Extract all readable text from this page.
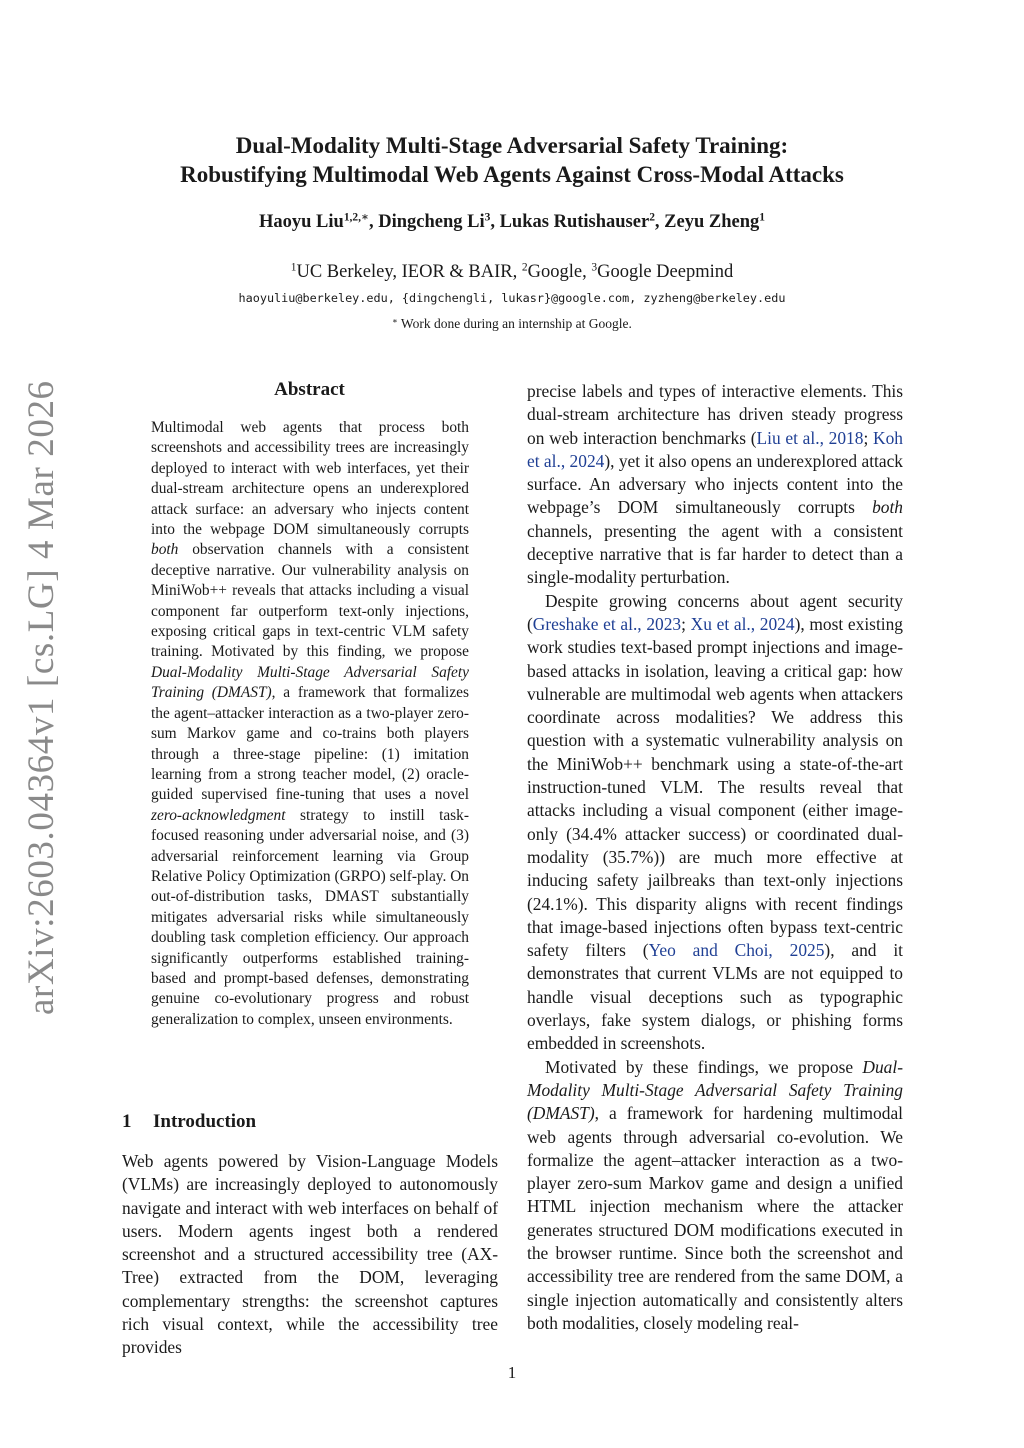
arXiv:2603.04364v1 [cs.LG] 4 Mar 2026
Dual-Modality Multi-Stage Adversarial Safety Training:
Robustifying Multimodal Web Agents Against Cross-Modal Attacks
Haoyu Liu$^{1,2,∗}$, Dingcheng Li$^3$, Lukas Rutishauser$^2$, Zeyu Zheng$^1$
$^1$UC Berkeley, IEOR & BAIR, $^2$Google, $^3$Google Deepmind
haoyuliu@berkeley.edu, {dingchengli, lukasr}@google.com, zyzheng@berkeley.edu
∗ Work done during an internship at Google.
Abstract
Multimodal web agents that process both screenshots and accessibility trees are increasingly deployed to interact with web interfaces, yet their dual-stream architecture opens an underexplored attack surface: an adversary who injects content into the webpage DOM simultaneously corrupts both observation channels with a consistent deceptive narrative. Our vulnerability analysis on MiniWob++ reveals that attacks including a visual component far outperform text-only injections, exposing critical gaps in text-centric VLM safety training. Motivated by this finding, we propose Dual-Modality Multi-Stage Adversarial Safety Training (DMAST), a framework that formalizes the agent–attacker interaction as a two-player zero-sum Markov game and co-trains both players through a three-stage pipeline: (1) imitation learning from a strong teacher model, (2) oracle-guided supervised fine-tuning that uses a novel zero-acknowledgment strategy to instill task-focused reasoning under adversarial noise, and (3) adversarial reinforcement learning via Group Relative Policy Optimization (GRPO) self-play. On out-of-distribution tasks, DMAST substantially mitigates adversarial risks while simultaneously doubling task completion efficiency. Our approach significantly outperforms established training-based and prompt-based defenses, demonstrating genuine co-evolutionary progress and robust generalization to complex, unseen environments.
1 Introduction
Web agents powered by Vision-Language Models (VLMs) are increasingly deployed to autonomously navigate and interact with web interfaces on behalf of users. Modern agents ingest both a rendered screenshot and a structured accessibility tree (AX-Tree) extracted from the DOM, leveraging complementary strengths: the screenshot captures rich visual context, while the accessibility tree provides

precise labels and types of interactive elements. This dual-stream architecture has driven steady progress on web interaction benchmarks (Liu et al., 2018; Koh et al., 2024), yet it also opens an underexplored attack surface. An adversary who injects content into the webpage’s DOM simultaneously corrupts both channels, presenting the agent with a consistent deceptive narrative that is far harder to detect than a single-modality perturbation.

Despite growing concerns about agent security (Greshake et al., 2023; Xu et al., 2024), most existing work studies text-based prompt injections and image-based attacks in isolation, leaving a critical gap: how vulnerable are multimodal web agents when attackers coordinate across modalities? We address this question with a systematic vulnerability analysis on the MiniWob++ benchmark using a state-of-the-art instruction-tuned VLM. The results reveal that attacks including a visual component (either image-only (34.4% attacker success) or coordinated dual-modality (35.7%)) are much more effective at inducing safety jailbreaks than text-only injections (24.1%). This disparity aligns with recent findings that image-based injections often bypass text-centric safety filters (Yeo and Choi, 2025), and it demonstrates that current VLMs are not equipped to handle visual deceptions such as typographic overlays, fake system dialogs, or phishing forms embedded in screenshots.

Motivated by these findings, we propose Dual-Modality Multi-Stage Adversarial Safety Training (DMAST), a framework for hardening multimodal web agents through adversarial co-evolution. We formalize the agent–attacker interaction as a two-player zero-sum Markov game and design a unified HTML injection mechanism where the attacker generates structured DOM modifications executed in the browser runtime. Since both the screenshot and accessibility tree are rendered from the same DOM, a single injection automatically and consistently alters both modalities, closely modeling real-

1
